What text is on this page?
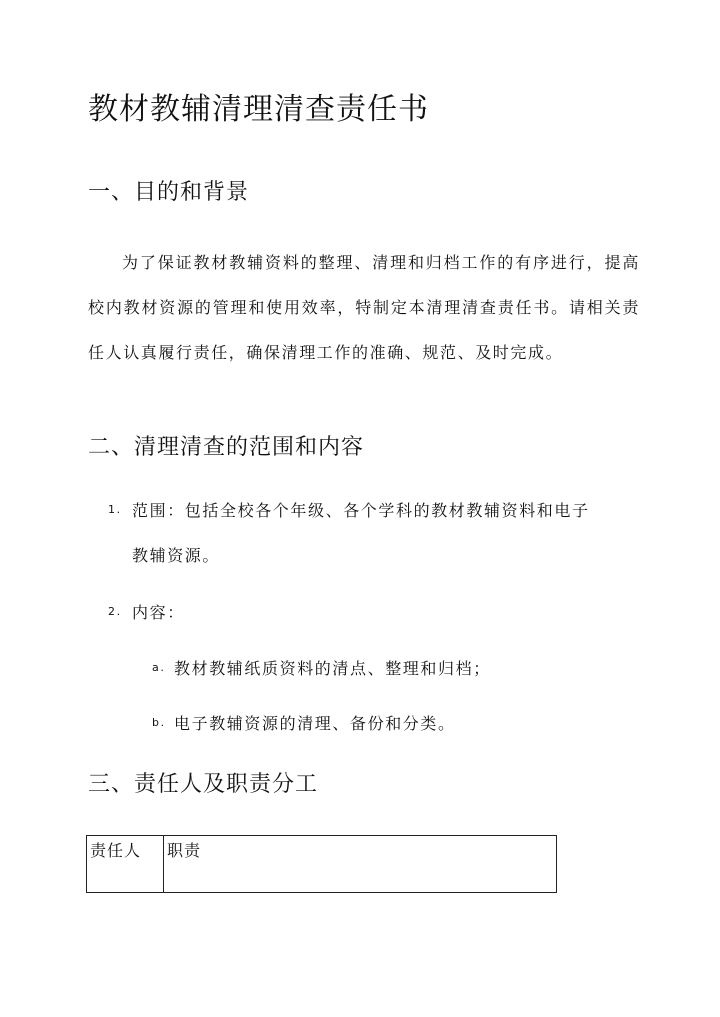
教材教辅清理清查责任书
一、目的和背景

为了保证教材教辅资料的整理、清理和归档工作的有序进行，提高校内教材资源的管理和使用效率，特制定本清理清查责任书。请相关责任人认真履行责任，确保清理工作的准确、规范、及时完成。

二、清理清查的范围和内容
1. 范围：包括全校各个年级、各个学科的教材教辅资料和电子
教辅资源。
2. 内容：
a. 教材教辅纸质资料的清点、整理和归档；
b. 电子教辅资源的清理、备份和分类。
三、责任人及职责分工
责任人	职责
